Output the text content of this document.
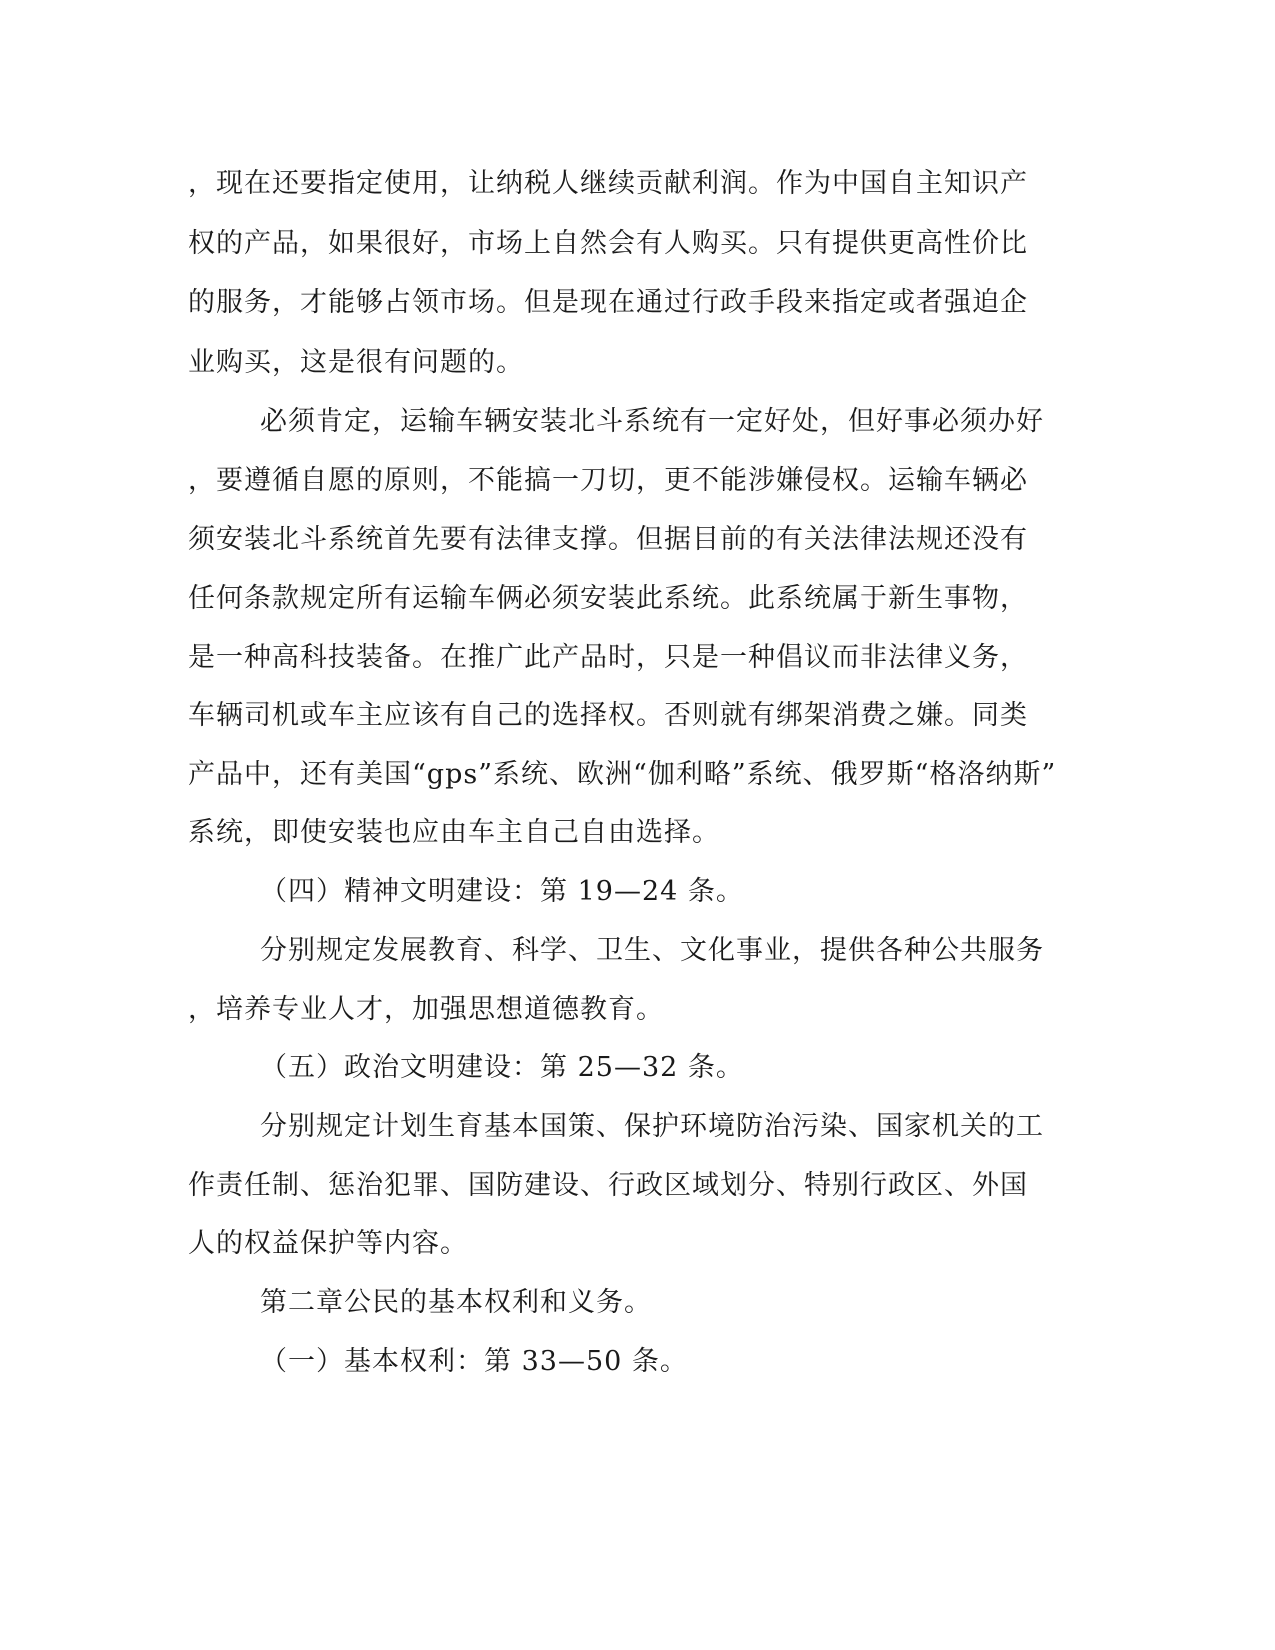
，现在还要指定使用，让纳税人继续贡献利润。作为中国自主知识产
权的产品，如果很好，市场上自然会有人购买。只有提供更高性价比
的服务，才能够占领市场。但是现在通过行政手段来指定或者强迫企
业购买，这是很有问题的。
必须肯定，运输车辆安装北斗系统有一定好处，但好事必须办好
，要遵循自愿的原则，不能搞一刀切，更不能涉嫌侵权。运输车辆必
须安装北斗系统首先要有法律支撑。但据目前的有关法律法规还没有
任何条款规定所有运输车俩必须安装此系统。此系统属于新生事物，
是一种高科技装备。在推广此产品时，只是一种倡议而非法律义务，
车辆司机或车主应该有自己的选择权。否则就有绑架消费之嫌。同类
产品中，还有美国“gps”系统、欧洲“伽利略”系统、俄罗斯“格洛纳斯”
系统，即使安装也应由车主自己自由选择。
（四）精神文明建设：第 19—24 条。
分别规定发展教育、科学、卫生、文化事业，提供各种公共服务
，培养专业人才，加强思想道德教育。
（五）政治文明建设：第 25—32 条。
分别规定计划生育基本国策、保护环境防治污染、国家机关的工
作责任制、惩治犯罪、国防建设、行政区域划分、特别行政区、外国
人的权益保护等内容。
第二章公民的基本权利和义务。
（一）基本权利：第 33—50 条。
